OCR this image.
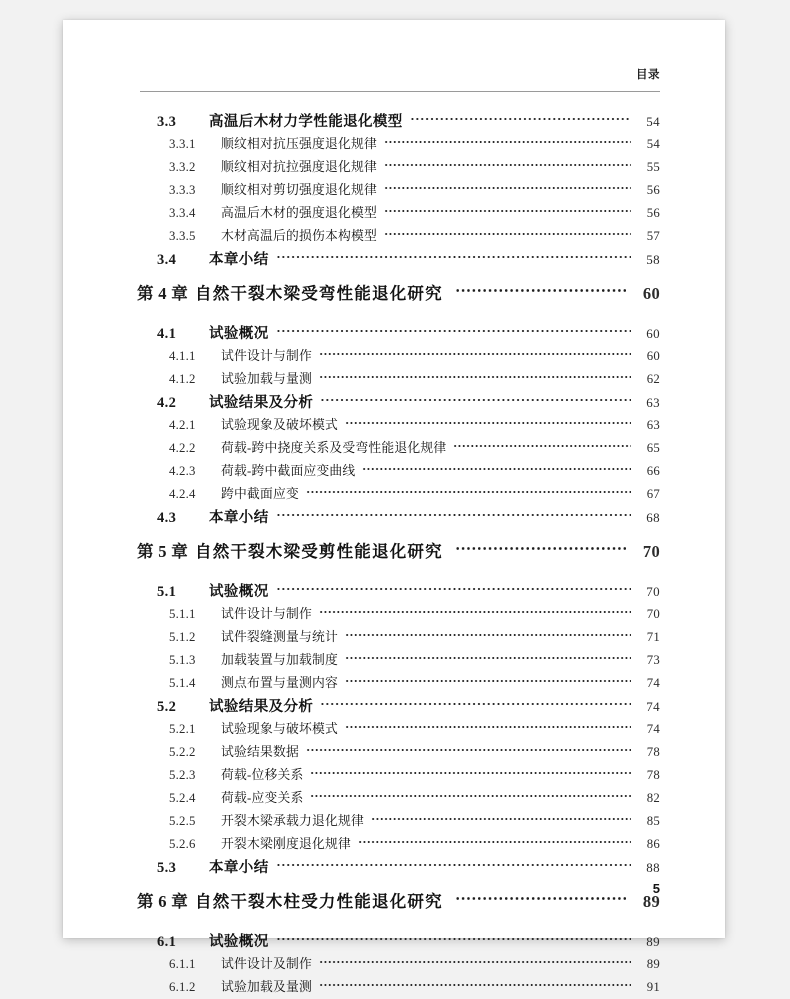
目录
3.3	高温后木材力学性能退化模型	54
3.3.1	顺纹相对抗压强度退化规律	54
3.3.2	顺纹相对抗拉强度退化规律	55
3.3.3	顺纹相对剪切强度退化规律	56
3.3.4	高温后木材的强度退化模型	56
3.3.5	木材高温后的损伤本构模型	57
3.4	本章小结	58
第 4 章 自然干裂木梁受弯性能退化研究	60
4.1	试验概况	60
4.1.1	试件设计与制作	60
4.1.2	试验加载与量测	62
4.2	试验结果及分析	63
4.2.1	试验现象及破坏模式	63
4.2.2	荷载-跨中挠度关系及受弯性能退化规律	65
4.2.3	荷载-跨中截面应变曲线	66
4.2.4	跨中截面应变	67
4.3	本章小结	68
第 5 章 自然干裂木梁受剪性能退化研究	70
5.1	试验概况	70
5.1.1	试件设计与制作	70
5.1.2	试件裂缝测量与统计	71
5.1.3	加载装置与加载制度	73
5.1.4	测点布置与量测内容	74
5.2	试验结果及分析	74
5.2.1	试验现象与破坏模式	74
5.2.2	试验结果数据	78
5.2.3	荷载-位移关系	78
5.2.4	荷载-应变关系	82
5.2.5	开裂木梁承载力退化规律	85
5.2.6	开裂木梁刚度退化规律	86
5.3	本章小结	88
第 6 章 自然干裂木柱受力性能退化研究	89
6.1	试验概况	89
6.1.1	试件设计及制作	89
6.1.2	试验加载及量测	91
5
